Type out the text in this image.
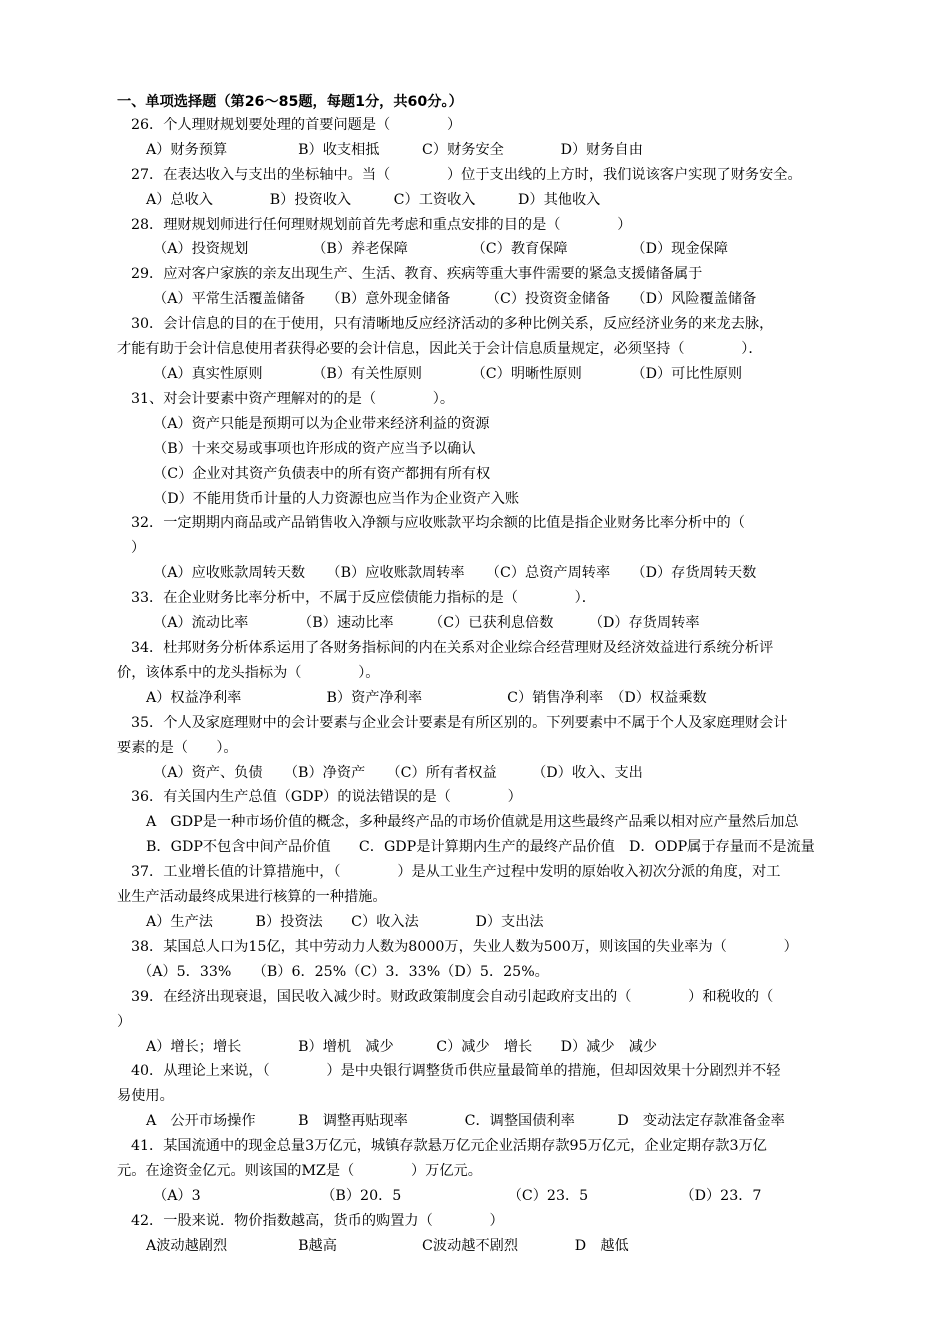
一、单项选择题（第26～85题，每题1分，共60分。）
26．个人理财规划要处理的首要问题是（　　　　）
A）财务预算　　　　　B）收支相抵　　　C）财务安全　　　　D）财务自由
27．在表达收入与支出的坐标轴中。当（　　　　）位于支出线的上方时，我们说该客户实现了财务安全。
A）总收入　　　　B）投资收入　　　C）工资收入　　　D）其他收入
28．理财规划师进行任何理财规划前首先考虑和重点安排的目的是（　　　　）
（A）投资规划　　　　　（B）养老保障　　　　　（C）教育保障　　　　　（D）现金保障
29．应对客户家族的亲友出现生产、生活、教育、疾病等重大事件需要的紧急支援储备属于
（A）平常生活覆盖储备　　（B）意外现金储备　　　（C）投资资金储备　　（D）风险覆盖储备
30．会计信息的目的在于使用，只有清晰地反应经济活动的多种比例关系，反应经济业务的来龙去脉，
才能有助于会计信息使用者获得必要的会计信息，因此关于会计信息质量规定，必须坚持（　　　　）．
（A）真实性原则　　　　（B）有关性原则　　　　（C）明晰性原则　　　　（D）可比性原则
31、对会计要素中资产理解对的的是（　　　　）。
（A）资产只能是预期可以为企业带来经济利益的资源
（B）十来交易或事项也许形成的资产应当予以确认
（C）企业对其资产负债表中的所有资产都拥有所有权
（D）不能用货币计量的人力资源也应当作为企业资产入账
32．一定期期内商品或产品销售收入净额与应收账款平均余额的比值是指企业财务比率分析中的（
）
（A）应收账款周转天数　　（B）应收账款周转率　　（C）总资产周转率　　（D）存货周转天数
33．在企业财务比率分析中，不属于反应偿债能力指标的是（　　　　）．
（A）流动比率　　　　（B）速动比率　　　（C）已获利息倍数　　　（D）存货周转率
34．杜邦财务分析体系运用了各财务指标间的内在关系对企业综合经营理财及经济效益进行系统分析评
价，该体系中的龙头指标为（　　　　）。
A）权益净利率　　　　　　B）资产净利率　　　　　　C）销售净利率　（D）权益乘数
35．个人及家庭理财中的会计要素与企业会计要素是有所区别的。下列要素中不属于个人及家庭理财会计
要素的是（　　）。
（A）资产、负债　　（B）净资产　　（C）所有者权益　　　（D）收入、支出
36．有关国内生产总值（GDP）的说法错误的是（　　　　）
A　GDP是一种市场价值的概念，多种最终产品的市场价值就是用这些最终产品乘以相对应产量然后加总
B．GDP不包含中间产品价值　　C．GDP是计算期内生产的最终产品价值　D．ODP属于存量而不是流量
37．工业增长值的计算措施中，（　　　　）是从工业生产过程中发明的原始收入初次分派的角度，对工
业生产活动最终成果进行核算的一种措施。
A）生产法　　　B）投资法　　C）收入法　　　　D）支出法
38．某国总人口为15亿，其中劳动力人数为8000万，失业人数为500万，则该国的失业率为（　　　　）
（A）5．33%　　（B）6．25%（C）3．33%（D）5．25%。
39．在经济出现衰退，国民收入减少时。财政政策制度会自动引起政府支出的（　　　　）和税收的（
）
A）增长；增长　　　　B）增机　减少　　　C）减少　增长　　D）减少　减少
40．从理论上来说，（　　　　）是中央银行调整货币供应量最简单的措施，但却因效果十分剧烈并不轻
易使用。
A　公开市场操作　　　B　调整再贴现率　　　　C．调整国债利率　　　D　变动法定存款准备金率
41．某国流通中的现金总量3万亿元，城镇存款悬万亿元企业活期存款95万亿元，企业定期存款3万亿
元。在途资金亿元。则该国的MZ是（　　　　）万亿元。
（A）3　　　　　　　　　（B）20．5　　　　　　　　（C）23．5　　　　　　　（D）23．7
42．一股来说．物价指数越高，货币的购置力（　　　　）
A波动越剧烈　　　　　B越高　　　　　　C波动越不剧烈　　　　D　越低
